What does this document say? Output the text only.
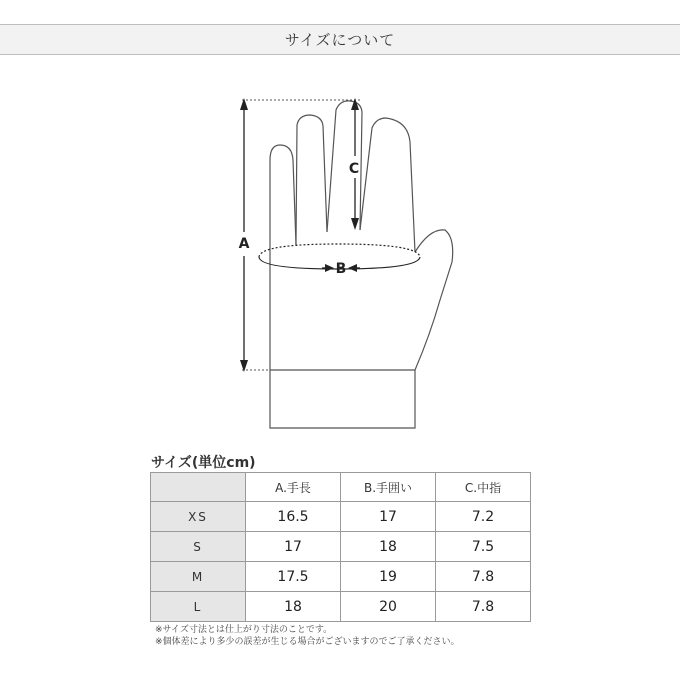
サイズについて
A
C
B
サイズ(単位cm)
	A.手長	B.手囲い	C.中指
XS	16.5	17	7.2
S	17	18	7.5
M	17.5	19	7.8
L	18	20	7.8
※サイズ寸法とは仕上がり寸法のことです。
※個体差により多少の誤差が生じる場合がございますのでご了承ください。
